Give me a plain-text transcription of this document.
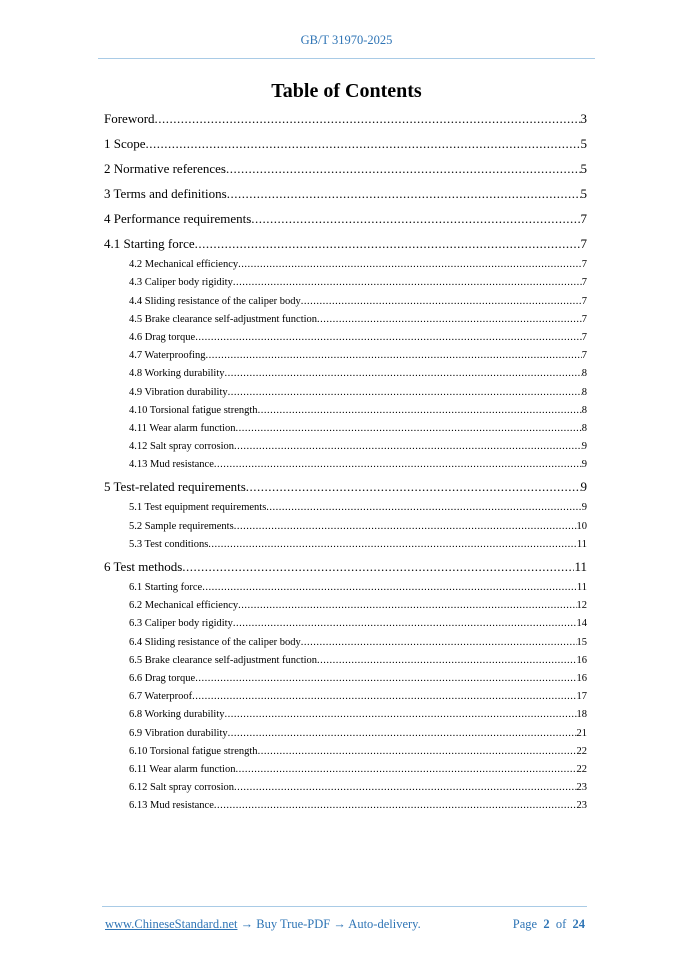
GB/T 31970-2025
Table of Contents
Foreword .....	3
1 Scope .....	5
2 Normative references .....	5
3 Terms and definitions .....	5
4 Performance requirements .....	7
4.1 Starting force .....	7
4.2 Mechanical efficiency .....	7
4.3 Caliper body rigidity .....	7
4.4 Sliding resistance of the caliper body .....	7
4.5 Brake clearance self-adjustment function .....	7
4.6 Drag torque .....	7
4.7 Waterproofing .....	7
4.8 Working durability .....	8
4.9 Vibration durability .....	8
4.10 Torsional fatigue strength .....	8
4.11 Wear alarm function .....	8
4.12 Salt spray corrosion .....	9
4.13 Mud resistance .....	9
5 Test-related requirements .....	9
5.1 Test equipment requirements .....	9
5.2 Sample requirements .....	10
5.3 Test conditions .....	11
6 Test methods .....	11
6.1 Starting force .....	11
6.2 Mechanical efficiency .....	12
6.3 Caliper body rigidity .....	14
6.4 Sliding resistance of the caliper body .....	15
6.5 Brake clearance self-adjustment function .....	16
6.6 Drag torque .....	16
6.7 Waterproof .....	17
6.8 Working durability .....	18
6.9 Vibration durability .....	21
6.10 Torsional fatigue strength .....	22
6.11 Wear alarm function .....	22
6.12 Salt spray corrosion .....	23
6.13 Mud resistance .....	23
www.ChineseStandard.net → Buy True-PDF → Auto-delivery.	Page 2 of 24
